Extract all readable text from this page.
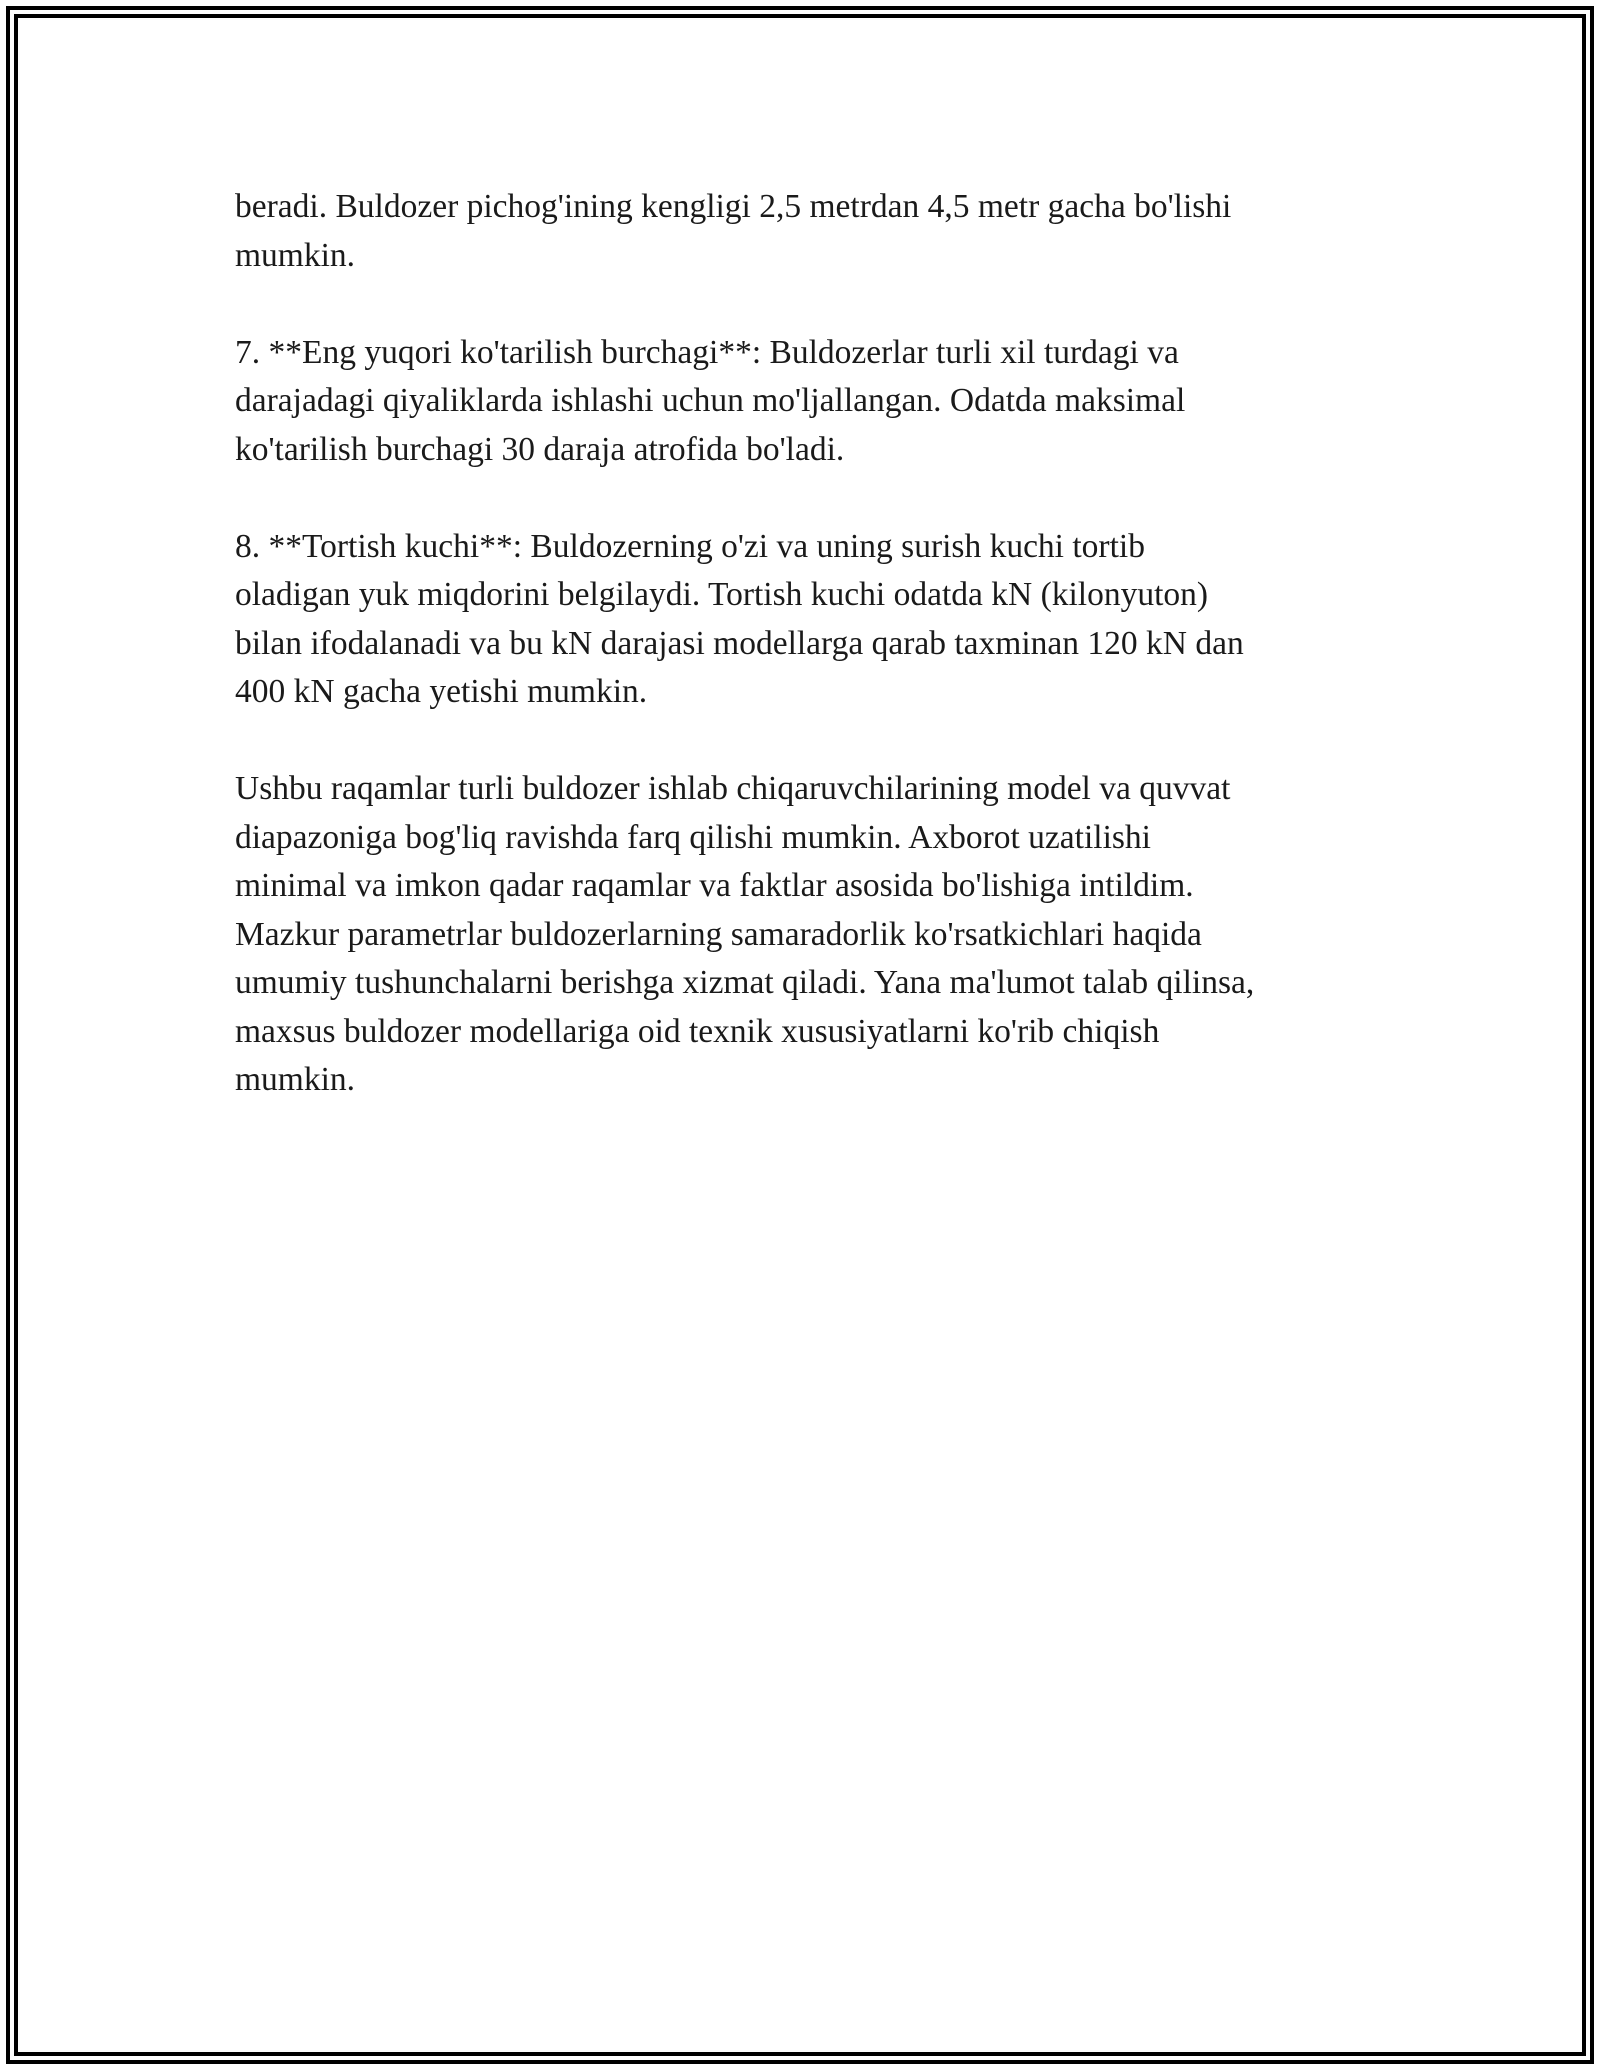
beradi. Buldozer pichog'ining kengligi 2,5 metrdan 4,5 metr gacha bo'lishi
mumkin.

7. **Eng yuqori ko'tarilish burchagi**: Buldozerlar turli xil turdagi va
darajadagi qiyaliklarda ishlashi uchun mo'ljallangan. Odatda maksimal
ko'tarilish burchagi 30 daraja atrofida bo'ladi.

8. **Tortish kuchi**: Buldozerning o'zi va uning surish kuchi tortib
oladigan yuk miqdorini belgilaydi. Tortish kuchi odatda kN (kilonyuton)
bilan ifodalanadi va bu kN darajasi modellarga qarab taxminan 120 kN dan
400 kN gacha yetishi mumkin.

Ushbu raqamlar turli buldozer ishlab chiqaruvchilarining model va quvvat
diapazoniga bog'liq ravishda farq qilishi mumkin. Axborot uzatilishi
minimal va imkon qadar raqamlar va faktlar asosida bo'lishiga intildim.
Mazkur parametrlar buldozerlarning samaradorlik ko'rsatkichlari haqida
umumiy tushunchalarni berishga xizmat qiladi. Yana ma'lumot talab qilinsa,
maxsus buldozer modellariga oid texnik xususiyatlarni ko'rib chiqish
mumkin.
